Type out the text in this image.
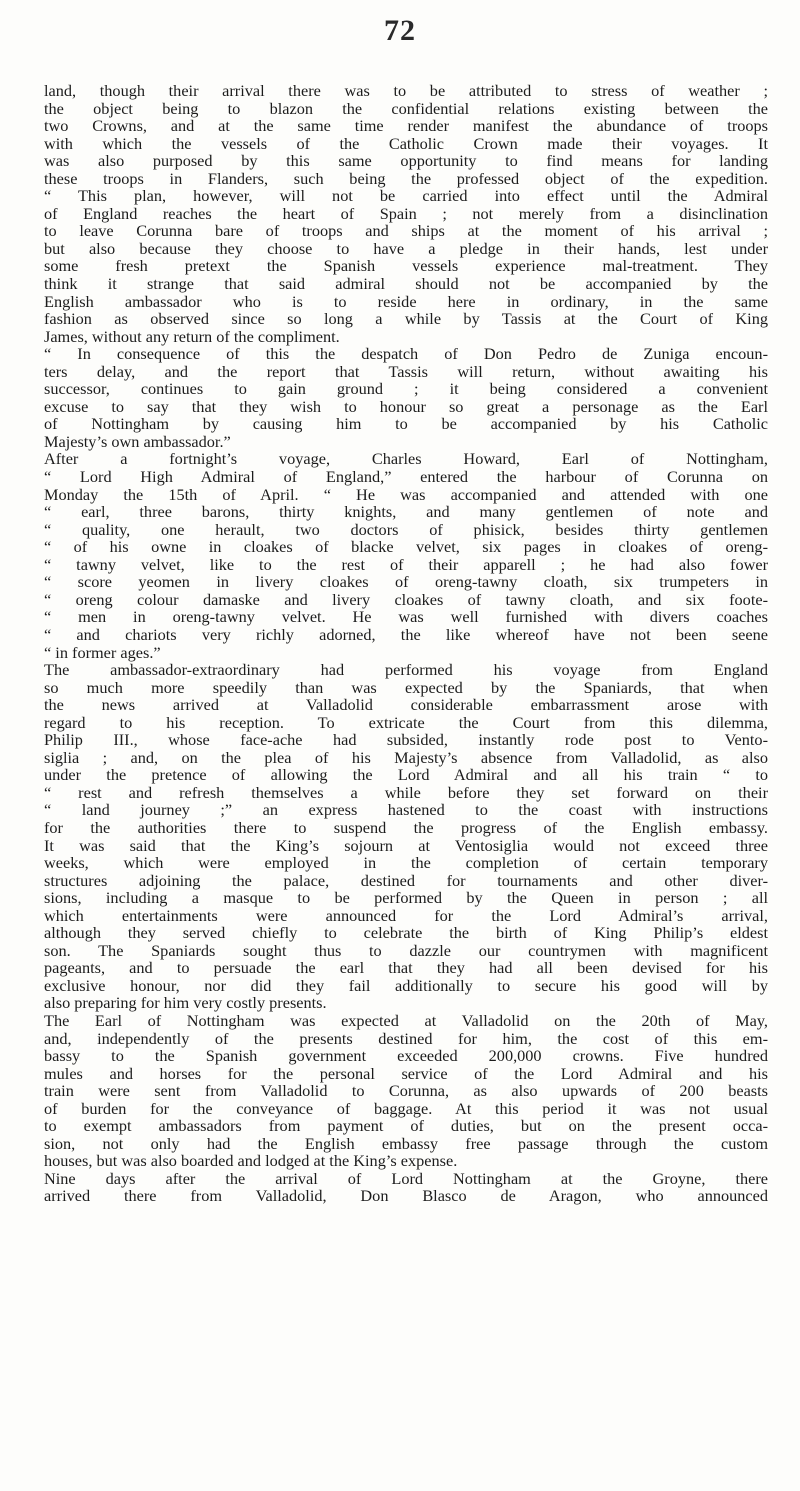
72
land, though their arrival there was to be attributed to stress of weather ;
the object being to blazon the confidential relations existing between the
two Crowns, and at the same time render manifest the abundance of troops
with which the vessels of the Catholic Crown made their voyages. It
was also purposed by this same opportunity to find means for landing
these troops in Flanders, such being the professed object of the expedition.
“ This plan, however, will not be carried into effect until the Admiral
of England reaches the heart of Spain ; not merely from a disinclination
to leave Corunna bare of troops and ships at the moment of his arrival ;
but also because they choose to have a pledge in their hands, lest under
some fresh pretext the Spanish vessels experience mal-treatment. They
think it strange that said admiral should not be accompanied by the
English ambassador who is to reside here in ordinary, in the same
fashion as observed since so long a while by Tassis at the Court of King
James, without any return of the compliment.
“ In consequence of this the despatch of Don Pedro de Zuniga encoun-
ters delay, and the report that Tassis will return, without awaiting his
successor, continues to gain ground ; it being considered a convenient
excuse to say that they wish to honour so great a personage as the Earl
of Nottingham by causing him to be accompanied by his Catholic
Majesty’s own ambassador.”
After a fortnight’s voyage, Charles Howard, Earl of Nottingham,
“ Lord High Admiral of England,” entered the harbour of Corunna on
Monday the 15th of April. “ He was accompanied and attended with one
“ earl, three barons, thirty knights, and many gentlemen of note and
“ quality, one herault, two doctors of phisick, besides thirty gentlemen
“ of his owne in cloakes of blacke velvet, six pages in cloakes of oreng-
“ tawny velvet, like to the rest of their apparell ; he had also fower
“ score yeomen in livery cloakes of oreng-tawny cloath, six trumpeters in
“ oreng colour damaske and livery cloakes of tawny cloath, and six foote-
“ men in oreng-tawny velvet. He was well furnished with divers coaches
“ and chariots very richly adorned, the like whereof have not been seene
“ in former ages.”
The ambassador-extraordinary had performed his voyage from England
so much more speedily than was expected by the Spaniards, that when
the news arrived at Valladolid considerable embarrassment arose with
regard to his reception. To extricate the Court from this dilemma,
Philip III., whose face-ache had subsided, instantly rode post to Vento-
siglia ; and, on the plea of his Majesty’s absence from Valladolid, as also
under the pretence of allowing the Lord Admiral and all his train “ to
“ rest and refresh themselves a while before they set forward on their
“ land journey ;” an express hastened to the coast with instructions
for the authorities there to suspend the progress of the English embassy.
It was said that the King’s sojourn at Ventosiglia would not exceed three
weeks, which were employed in the completion of certain temporary
structures adjoining the palace, destined for tournaments and other diver-
sions, including a masque to be performed by the Queen in person ; all
which entertainments were announced for the Lord Admiral’s arrival,
although they served chiefly to celebrate the birth of King Philip’s eldest
son. The Spaniards sought thus to dazzle our countrymen with magnificent
pageants, and to persuade the earl that they had all been devised for his
exclusive honour, nor did they fail additionally to secure his good will by
also preparing for him very costly presents.
The Earl of Nottingham was expected at Valladolid on the 20th of May,
and, independently of the presents destined for him, the cost of this em-
bassy to the Spanish government exceeded 200,000 crowns. Five hundred
mules and horses for the personal service of the Lord Admiral and his
train were sent from Valladolid to Corunna, as also upwards of 200 beasts
of burden for the conveyance of baggage. At this period it was not usual
to exempt ambassadors from payment of duties, but on the present occa-
sion, not only had the English embassy free passage through the custom
houses, but was also boarded and lodged at the King’s expense.
Nine days after the arrival of Lord Nottingham at the Groyne, there
arrived there from Valladolid, Don Blasco de Aragon, who announced
